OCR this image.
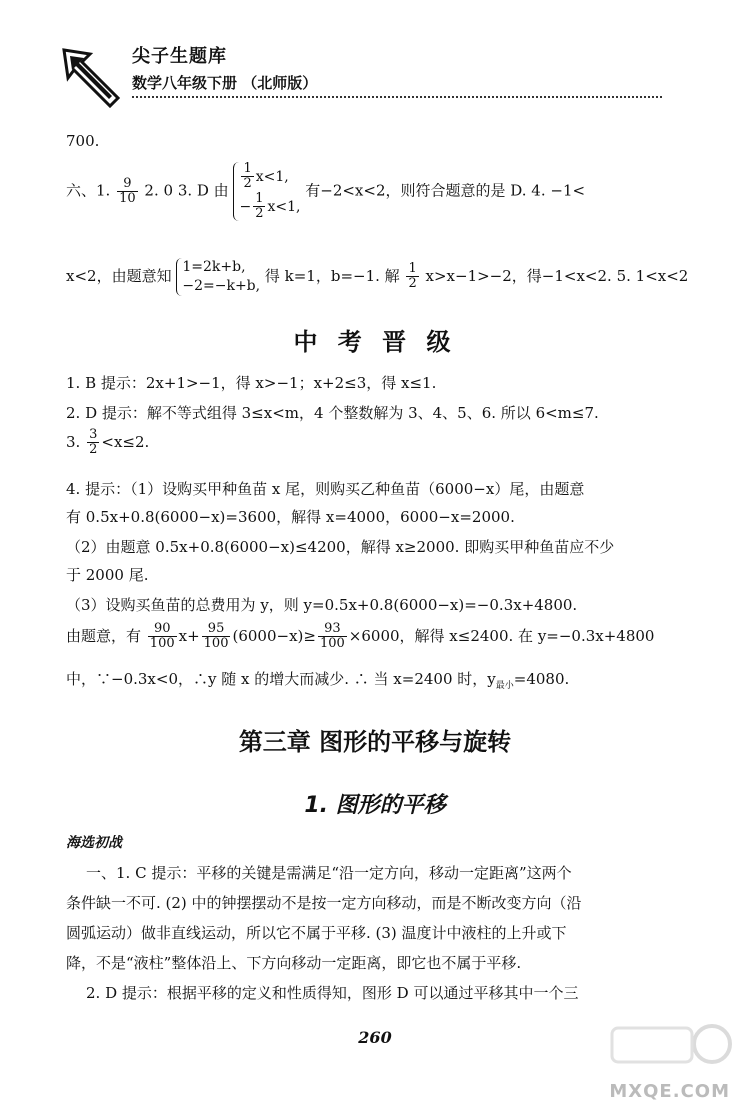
尖子生题库
数学八年级下册 （北师版）
700.
六、1. $\frac{9}{10} 2$. 0 3. D 由 $\frac{1}{2} x<1$,
− $\frac{1}{2} x<1$,
有−2<x<2，则符合题意的是 D. 4. −1<
x<2，由题意知 1=2k+b,
−2=−k+b,
得 k=1，b=−1. 解 $\frac{1}{2} x>x-1>-2$，得−1<x<2. 5. 1<x<2
中 考 晋 级
1. B 提示：2x+1>−1，得 x>−1；x+2≤3，得 x≤1.
2. D 提示：解不等式组得 3≤x<m，4 个整数解为 3、4、5、6. 所以 6<m≤7.
3. $\frac{3}{2} <x\le 2$.
4. 提示：（1）设购买甲种鱼苗 x 尾，则购买乙种鱼苗（6000−x）尾，由题意
有 0.5x+0.8(6000−x)=3600，解得 x=4000，6000−x=2000.
（2）由题意 0.5x+0.8(6000−x)≤4200，解得 x≥2000. 即购买甲种鱼苗应不少
于 2000 尾.
（3）设购买鱼苗的总费用为 y，则 y=0.5x+0.8(6000−x)=−0.3x+4800.
由题意，有 $\frac{90}{100} x+ \frac{95}{100} (6000-x)\ge \frac{93}{100} \times 6000$，解得 x≤2400. 在 y=−0.3x+4800
中，∵−0.3x<0，∴y 随 x 的增大而减少. ∴ 当 x=2400 时，$y_{最小}=4080$.
第三章 图形的平移与旋转
1. 图形的平移
海选初战
一、1. C 提示：平移的关键是需满足“沿一定方向，移动一定距离”这两个
条件缺一不可. (2) 中的钟摆摆动不是按一定方向移动，而是不断改变方向（沿
圆弧运动）做非直线运动，所以它不属于平移. (3) 温度计中液柱的上升或下
降，不是“液柱”整体沿上、下方向移动一定距离，即它也不属于平移.
2. D 提示：根据平移的定义和性质得知，图形 D 可以通过平移其中一个三
260
MXQE.COM
